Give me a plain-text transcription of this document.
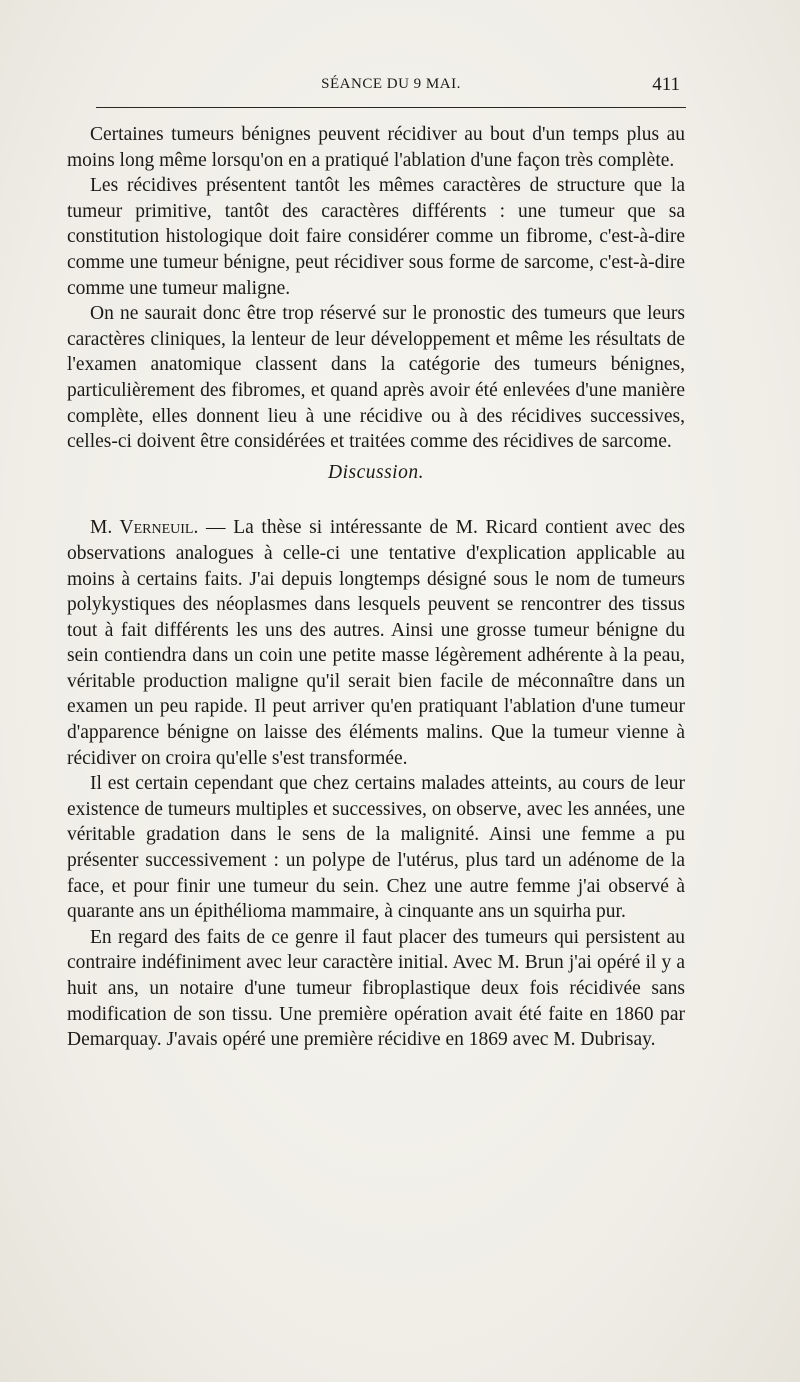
SÉANCE DU 9 MAI.	411

Certaines tumeurs bénignes peuvent récidiver au bout d'un temps plus au moins long même lorsqu'on en a pratiqué l'ablation d'une façon très complète.

Les récidives présentent tantôt les mêmes caractères de structure que la tumeur primitive, tantôt des caractères différents : une tumeur que sa constitution histologique doit faire considérer comme un fibrome, c'est-à-dire comme une tumeur bénigne, peut récidiver sous forme de sarcome, c'est-à-dire comme une tumeur maligne.

On ne saurait donc être trop réservé sur le pronostic des tumeurs que leurs caractères cliniques, la lenteur de leur développement et même les résultats de l'examen anatomique classent dans la catégorie des tumeurs bénignes, particulièrement des fibromes, et quand après avoir été enlevées d'une manière complète, elles donnent lieu à une récidive ou à des récidives successives, celles-ci doivent être considérées et traitées comme des récidives de sarcome.

Discussion.

M. Verneuil. — La thèse si intéressante de M. Ricard contient avec des observations analogues à celle-ci une tentative d'explication applicable au moins à certains faits. J'ai depuis longtemps désigné sous le nom de tumeurs polykystiques des néoplasmes dans lesquels peuvent se rencontrer des tissus tout à fait différents les uns des autres. Ainsi une grosse tumeur bénigne du sein contiendra dans un coin une petite masse légèrement adhérente à la peau, véritable production maligne qu'il serait bien facile de méconnaître dans un examen un peu rapide. Il peut arriver qu'en pratiquant l'ablation d'une tumeur d'apparence bénigne on laisse des éléments malins. Que la tumeur vienne à récidiver on croira qu'elle s'est transformée.

Il est certain cependant que chez certains malades atteints, au cours de leur existence de tumeurs multiples et successives, on observe, avec les années, une véritable gradation dans le sens de la malignité. Ainsi une femme a pu présenter successivement : un polype de l'utérus, plus tard un adénome de la face, et pour finir une tumeur du sein. Chez une autre femme j'ai observé à quarante ans un épithélioma mammaire, à cinquante ans un squirha pur.

En regard des faits de ce genre il faut placer des tumeurs qui persistent au contraire indéfiniment avec leur caractère initial. Avec M. Brun j'ai opéré il y a huit ans, un notaire d'une tumeur fibroplastique deux fois récidivée sans modification de son tissu. Une première opération avait été faite en 1860 par Demarquay. J'avais opéré une première récidive en 1869 avec M. Dubrisay.
